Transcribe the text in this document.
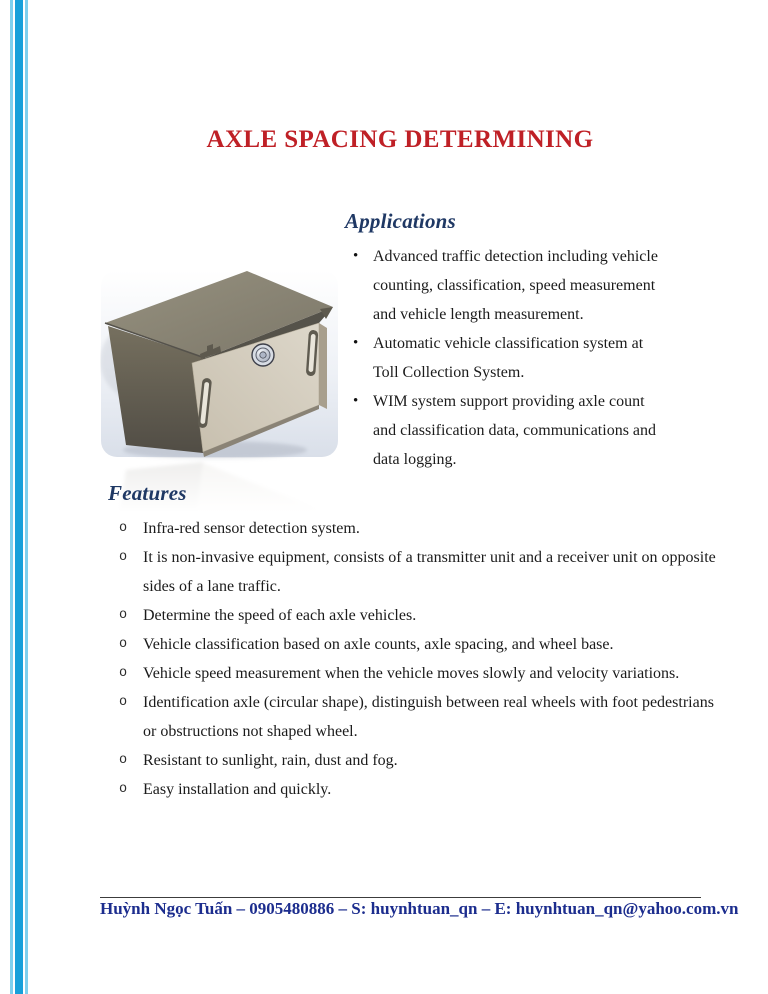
AXLE SPACING DETERMINING
Applications
• Advanced traffic detection including vehicle counting, classification, speed measurement and vehicle length measurement.
• Automatic vehicle classification system at Toll Collection System.
• WIM system support providing axle count and classification data, communications and data logging.
Features
o Infra-red sensor detection system.
o It is non-invasive equipment, consists of a transmitter unit and a receiver unit on opposite sides of a lane traffic.
o Determine the speed of each axle vehicles.
o Vehicle classification based on axle counts, axle spacing, and wheel base.
o Vehicle speed measurement when the vehicle moves slowly and velocity variations.
o Identification axle (circular shape), distinguish between real wheels with foot pedestrians or obstructions not shaped wheel.
o Resistant to sunlight, rain, dust and fog.
o Easy installation and quickly.
Huỳnh Ngọc Tuấn – 0905480886 – S: huynhtuan_qn – E: huynhtuan_qn@yahoo.com.vn
